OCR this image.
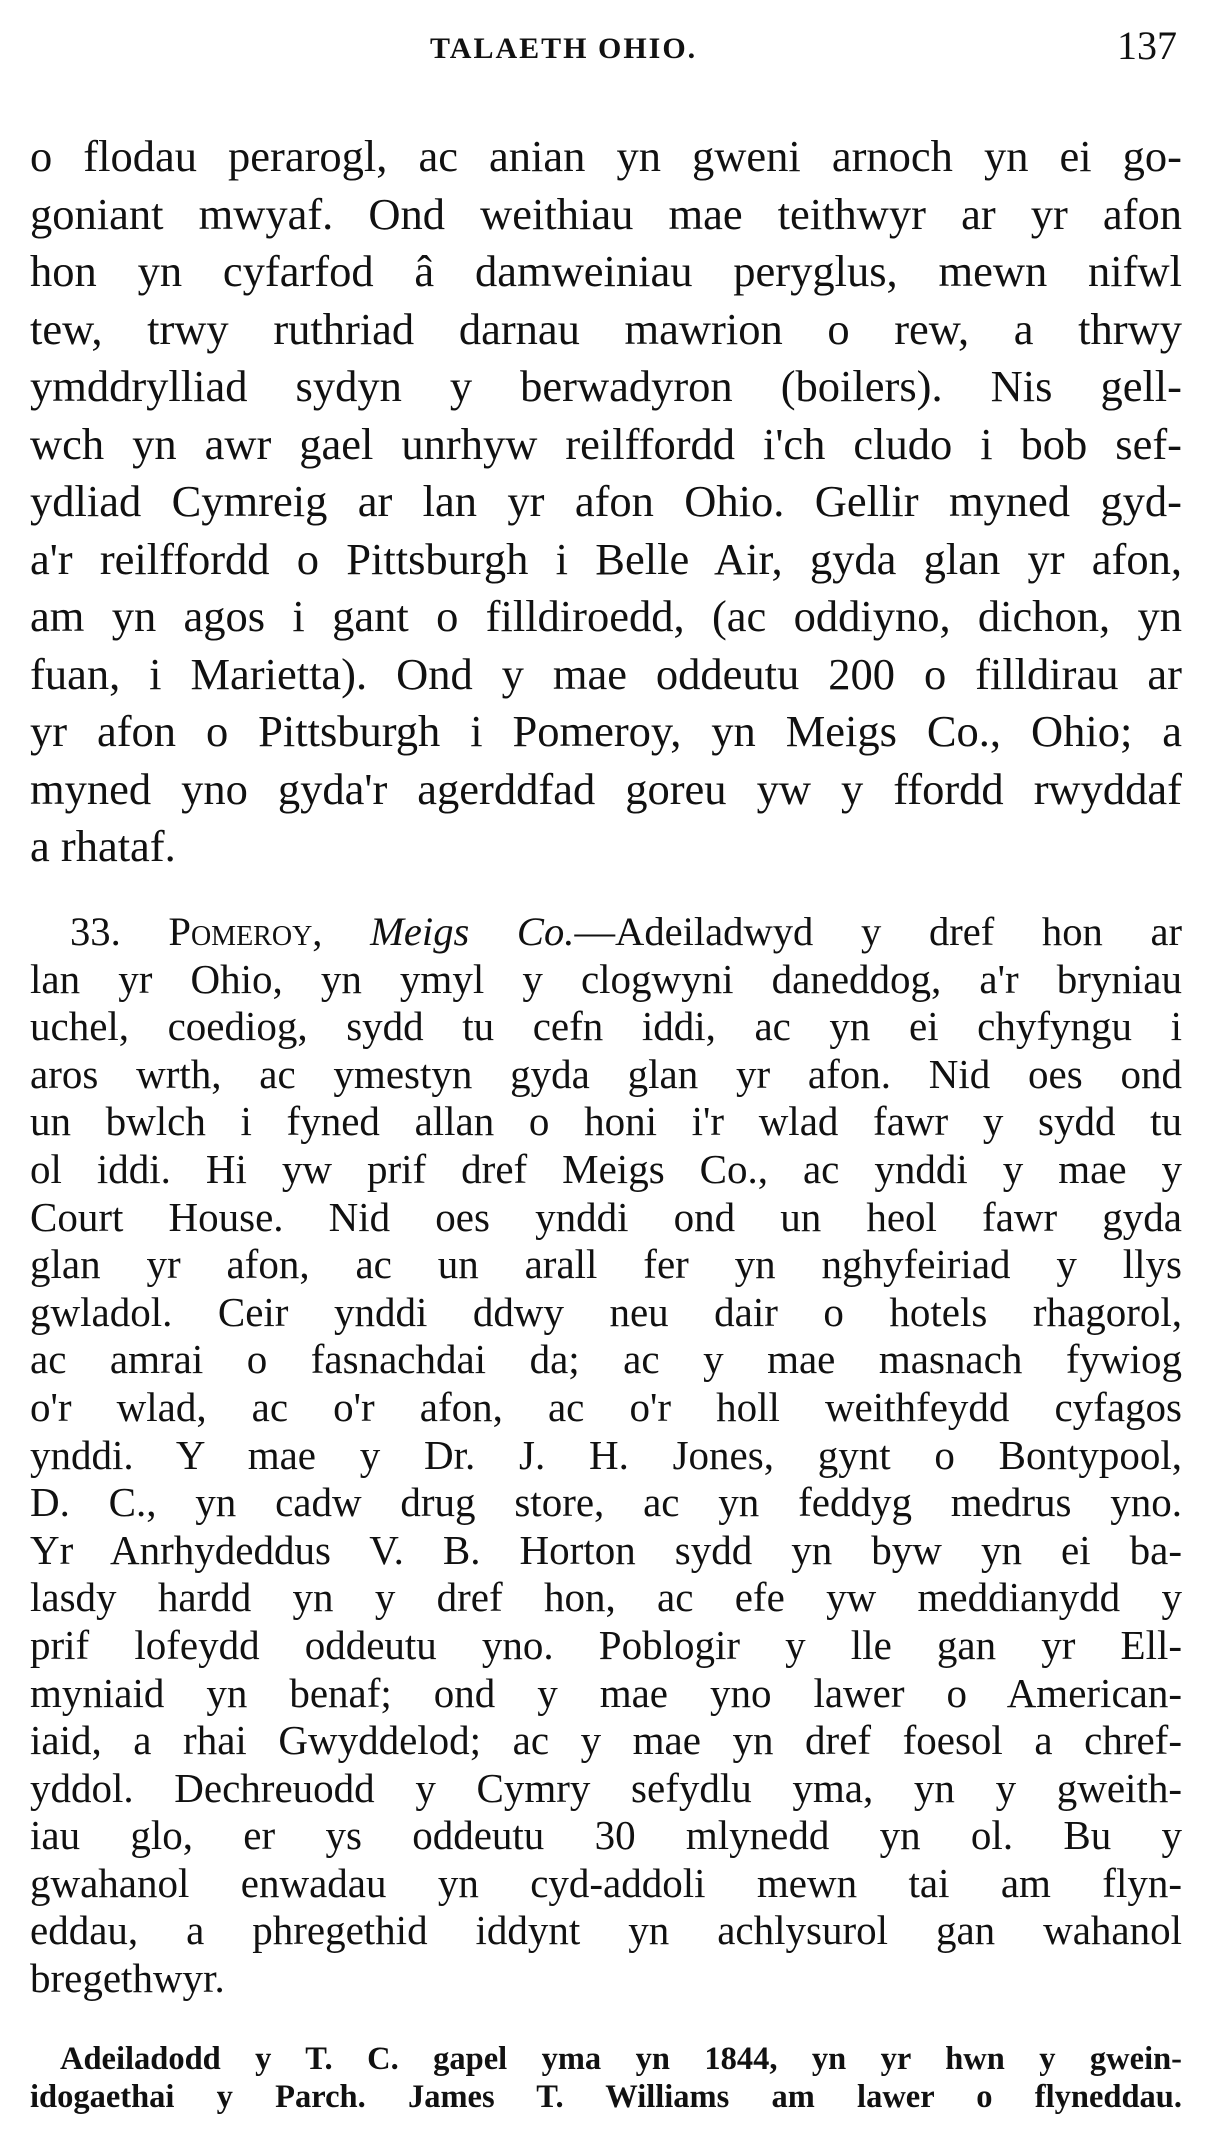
TALAETH OHIO.	137
o flodau perarogl, ac anian yn gweni arnoch yn ei go-
goniant mwyaf. Ond weithiau mae teithwyr ar yr afon
hon yn cyfarfod â damweiniau peryglus, mewn nifwl
tew, trwy ruthriad darnau mawrion o rew, a thrwy
ymddrylliad sydyn y berwadyron (boilers). Nis gell-
wch yn awr gael unrhyw reilffordd i'ch cludo i bob sef-
ydliad Cymreig ar lan yr afon Ohio. Gellir myned gyd-
a'r reilffordd o Pittsburgh i Belle Air, gyda glan yr afon,
am yn agos i gant o filldiroedd, (ac oddiyno, dichon, yn
fuan, i Marietta). Ond y mae oddeutu 200 o filldirau ar
yr afon o Pittsburgh i Pomeroy, yn Meigs Co., Ohio; a
myned yno gyda'r agerddfad goreu yw y ffordd rwyddaf
a rhataf.
33. Pomeroy, Meigs Co.—Adeiladwyd y dref hon ar
lan yr Ohio, yn ymyl y clogwyni daneddog, a'r bryniau
uchel, coediog, sydd tu cefn iddi, ac yn ei chyfyngu i
aros wrth, ac ymestyn gyda glan yr afon. Nid oes ond
un bwlch i fyned allan o honi i'r wlad fawr y sydd tu
ol iddi. Hi yw prif dref Meigs Co., ac ynddi y mae y
Court House. Nid oes ynddi ond un heol fawr gyda
glan yr afon, ac un arall fer yn nghyfeiriad y llys
gwladol. Ceir ynddi ddwy neu dair o hotels rhagorol,
ac amrai o fasnachdai da; ac y mae masnach fywiog
o'r wlad, ac o'r afon, ac o'r holl weithfeydd cyfagos
ynddi. Y mae y Dr. J. H. Jones, gynt o Bontypool,
D. C., yn cadw drug store, ac yn feddyg medrus yno.
Yr Anrhydeddus V. B. Horton sydd yn byw yn ei ba-
lasdy hardd yn y dref hon, ac efe yw meddianydd y
prif lofeydd oddeutu yno. Poblogir y lle gan yr Ell-
myniaid yn benaf; ond y mae yno lawer o American-
iaid, a rhai Gwyddelod; ac y mae yn dref foesol a chref-
yddol. Dechreuodd y Cymry sefydlu yma, yn y gweith-
iau glo, er ys oddeutu 30 mlynedd yn ol. Bu y
gwahanol enwadau yn cyd-addoli mewn tai am flyn-
eddau, a phregethid iddynt yn achlysurol gan wahanol
bregethwyr.
Adeiladodd y T. C. gapel yma yn 1844, yn yr hwn y gwein-
idogaethai y Parch. James T. Williams am lawer o flyneddau.
